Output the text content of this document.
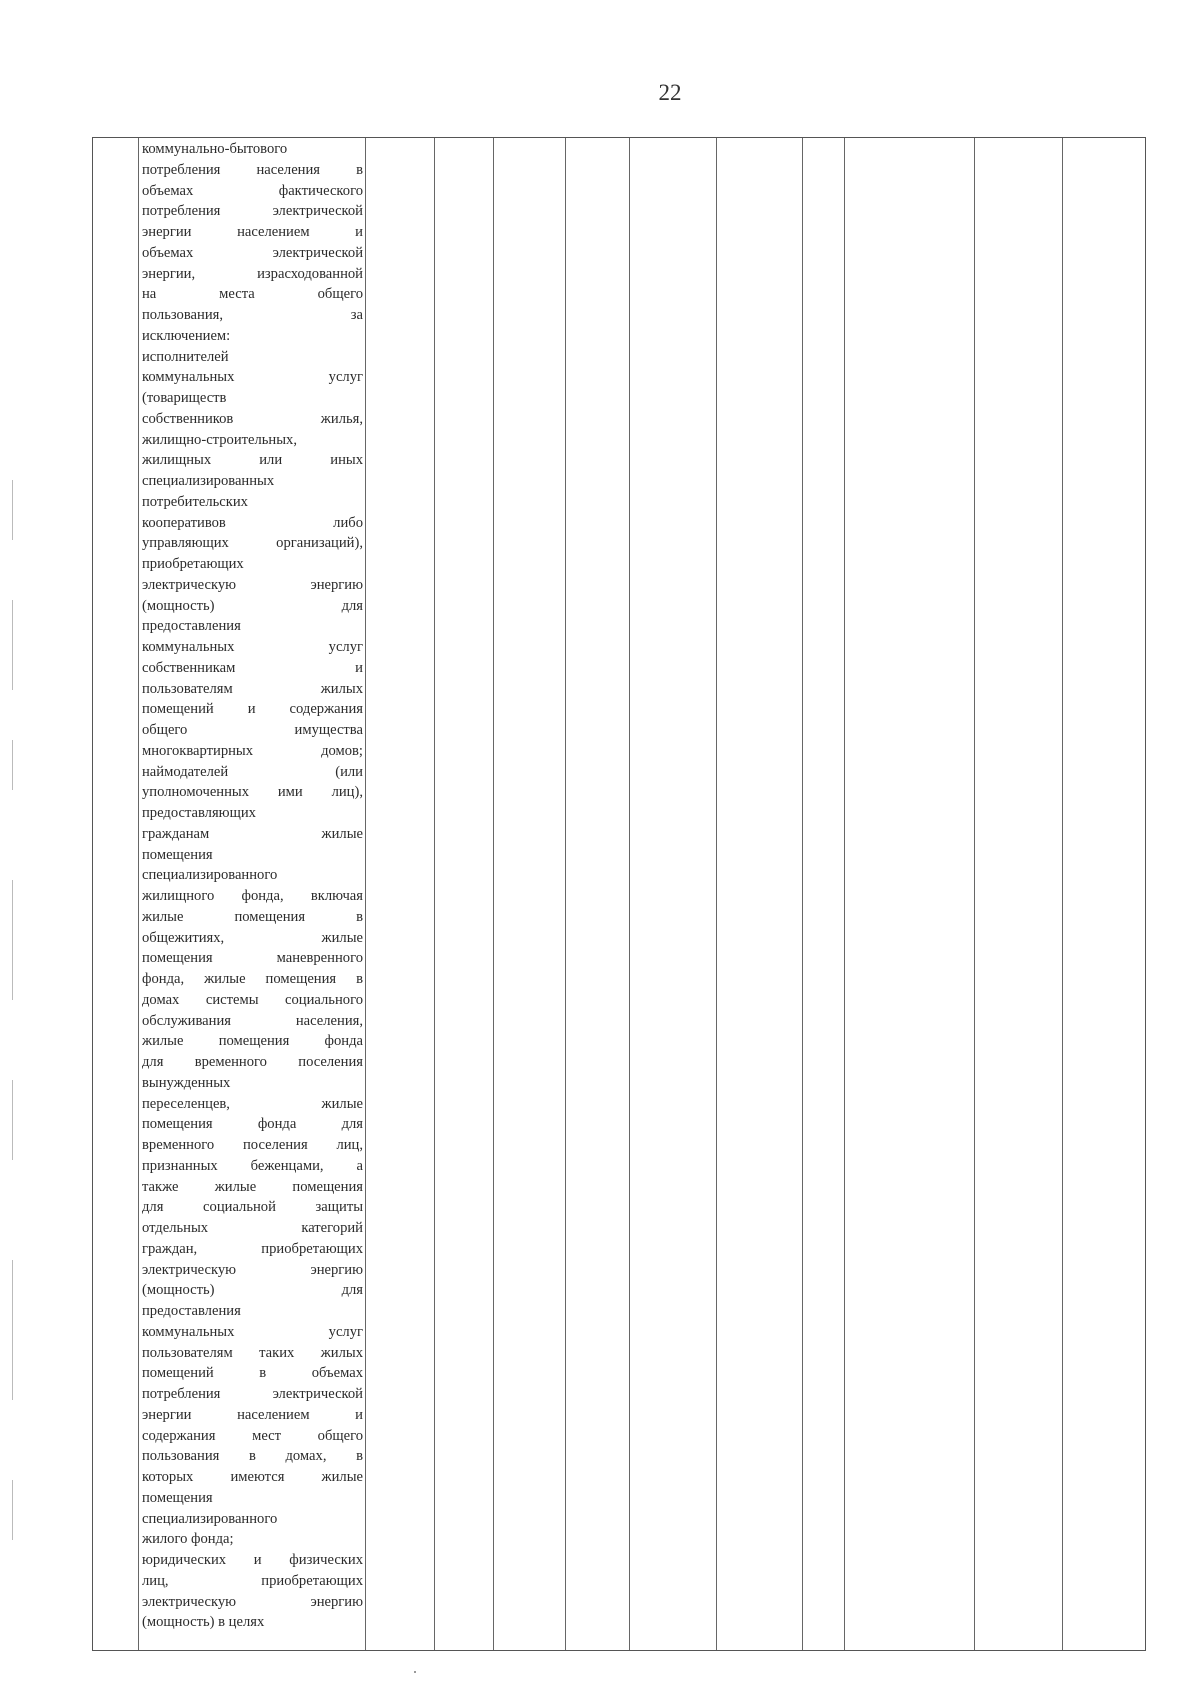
22
коммунально-бытового
потребления населения в
объемах фактического
потребления электрической
энергии населением и
объемах электрической
энергии, израсходованной
на места общего
пользования, за
исключением:
исполнителей
коммунальных услуг
(товариществ
собственников жилья,
жилищно-строительных,
жилищных или иных
специализированных
потребительских
кооперативов либо
управляющих организаций),
приобретающих
электрическую энергию
(мощность) для
предоставления
коммунальных услуг
собственникам и
пользователям жилых
помещений и содержания
общего имущества
многоквартирных домов;
наймодателей (или
уполномоченных ими лиц),
предоставляющих
гражданам жилые
помещения
специализированного
жилищного фонда, включая
жилые помещения в
общежитиях, жилые
помещения маневренного
фонда, жилые помещения в
домах системы социального
обслуживания населения,
жилые помещения фонда
для временного поселения
вынужденных
переселенцев, жилые
помещения фонда для
временного поселения лиц,
признанных беженцами, а
также жилые помещения
для социальной защиты
отдельных категорий
граждан, приобретающих
электрическую энергию
(мощность) для
предоставления
коммунальных услуг
пользователям таких жилых
помещений в объемах
потребления электрической
энергии населением и
содержания мест общего
пользования в домах, в
которых имеются жилые
помещения
специализированного
жилого фонда;
юридических и физических
лиц, приобретающих
электрическую энергию
(мощность) в целях
